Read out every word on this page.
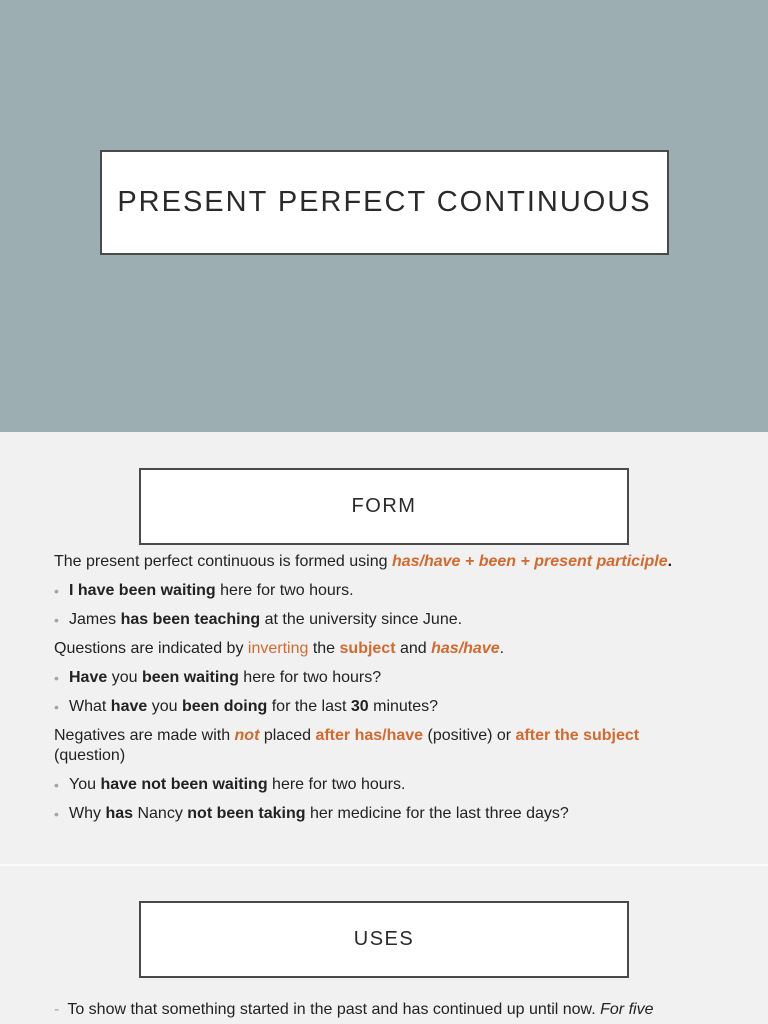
PRESENT PERFECT CONTINUOUS
FORM
The present perfect continuous is formed using has/have + been + present participle.
• I have been waiting here for two hours.
• James has been teaching at the university since June.
Questions are indicated by inverting the subject and has/have.
• Have you been waiting here for two hours?
• What have you been doing for the last 30 minutes?
Negatives are made with not placed after has/have (positive) or after the subject (question)
• You have not been waiting here for two hours.
• Why has Nancy not been taking her medicine for the last three days?
USES
- To show that something started in the past and has continued up until now. For five
